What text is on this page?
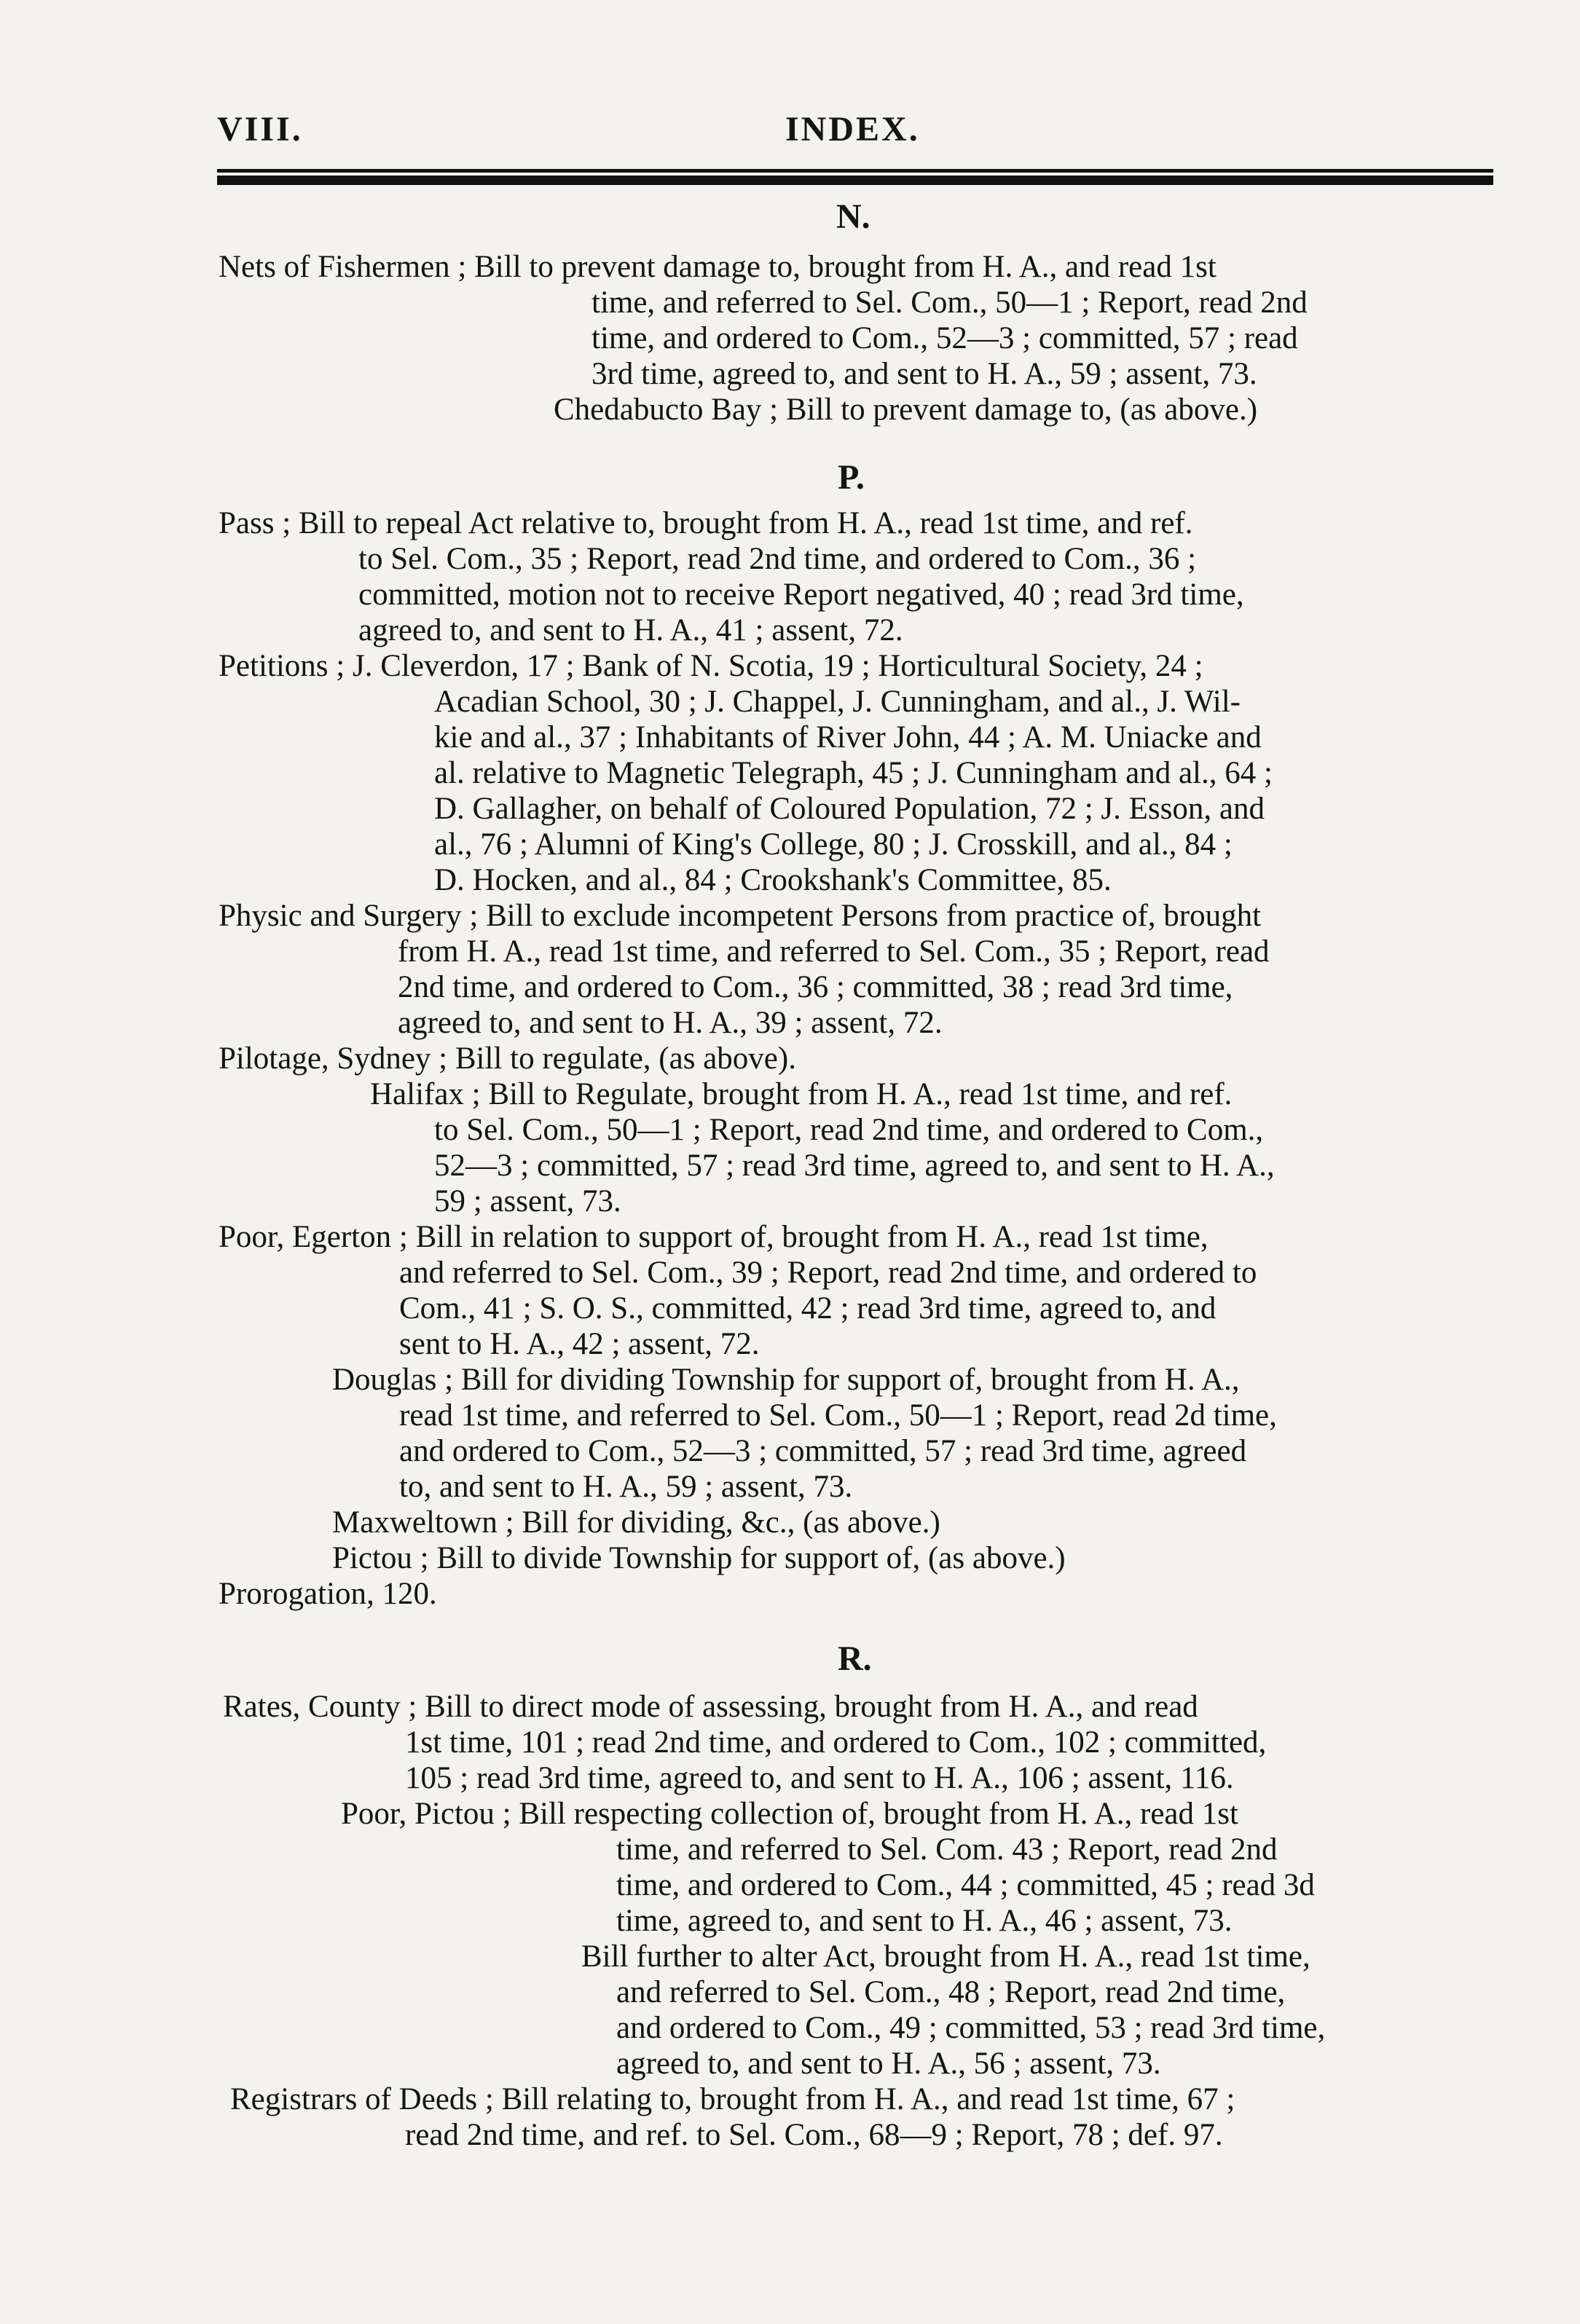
VIII.	INDEX.
N.
Nets of Fishermen ; Bill to prevent damage to, brought from H. A., and read 1st
time, and referred to Sel. Com., 50—1 ; Report, read 2nd
time, and ordered to Com., 52—3 ; committed, 57 ; read
3rd time, agreed to, and sent to H. A., 59 ; assent, 73.
Chedabucto Bay ; Bill to prevent damage to, (as above.)
P.
Pass ; Bill to repeal Act relative to, brought from H. A., read 1st time, and ref.
to Sel. Com., 35 ; Report, read 2nd time, and ordered to Com., 36 ;
committed, motion not to receive Report negatived, 40 ; read 3rd time,
agreed to, and sent to H. A., 41 ; assent, 72.
Petitions ; J. Cleverdon, 17 ; Bank of N. Scotia, 19 ; Horticultural Society, 24 ;
Acadian School, 30 ; J. Chappel, J. Cunningham, and al., J. Wil-
kie and al., 37 ; Inhabitants of River John, 44 ; A. M. Uniacke and
al. relative to Magnetic Telegraph, 45 ; J. Cunningham and al., 64 ;
D. Gallagher, on behalf of Coloured Population, 72 ; J. Esson, and
al., 76 ; Alumni of King's College, 80 ; J. Crosskill, and al., 84 ;
D. Hocken, and al., 84 ; Crookshank's Committee, 85.
Physic and Surgery ; Bill to exclude incompetent Persons from practice of, brought
from H. A., read 1st time, and referred to Sel. Com., 35 ; Report, read
2nd time, and ordered to Com., 36 ; committed, 38 ; read 3rd time,
agreed to, and sent to H. A., 39 ; assent, 72.
Pilotage, Sydney ; Bill to regulate, (as above).
Halifax ; Bill to Regulate, brought from H. A., read 1st time, and ref.
to Sel. Com., 50—1 ; Report, read 2nd time, and ordered to Com.,
52—3 ; committed, 57 ; read 3rd time, agreed to, and sent to H. A.,
59 ; assent, 73.
Poor, Egerton ; Bill in relation to support of, brought from H. A., read 1st time,
and referred to Sel. Com., 39 ; Report, read 2nd time, and ordered to
Com., 41 ; S. O. S., committed, 42 ; read 3rd time, agreed to, and
sent to H. A., 42 ; assent, 72.
Douglas ; Bill for dividing Township for support of, brought from H. A.,
read 1st time, and referred to Sel. Com., 50—1 ; Report, read 2d time,
and ordered to Com., 52—3 ; committed, 57 ; read 3rd time, agreed
to, and sent to H. A., 59 ; assent, 73.
Maxweltown ; Bill for dividing, &c., (as above.)
Pictou ; Bill to divide Township for support of, (as above.)
Prorogation, 120.
R.
Rates, County ; Bill to direct mode of assessing, brought from H. A., and read
1st time, 101 ; read 2nd time, and ordered to Com., 102 ; committed,
105 ; read 3rd time, agreed to, and sent to H. A., 106 ; assent, 116.
Poor, Pictou ; Bill respecting collection of, brought from H. A., read 1st
time, and referred to Sel. Com. 43 ; Report, read 2nd
time, and ordered to Com., 44 ; committed, 45 ; read 3d
time, agreed to, and sent to H. A., 46 ; assent, 73.
Bill further to alter Act, brought from H. A., read 1st time,
and referred to Sel. Com., 48 ; Report, read 2nd time,
and ordered to Com., 49 ; committed, 53 ; read 3rd time,
agreed to, and sent to H. A., 56 ; assent, 73.
Registrars of Deeds ; Bill relating to, brought from H. A., and read 1st time, 67 ;
read 2nd time, and ref. to Sel. Com., 68—9 ; Report, 78 ; def. 97.
